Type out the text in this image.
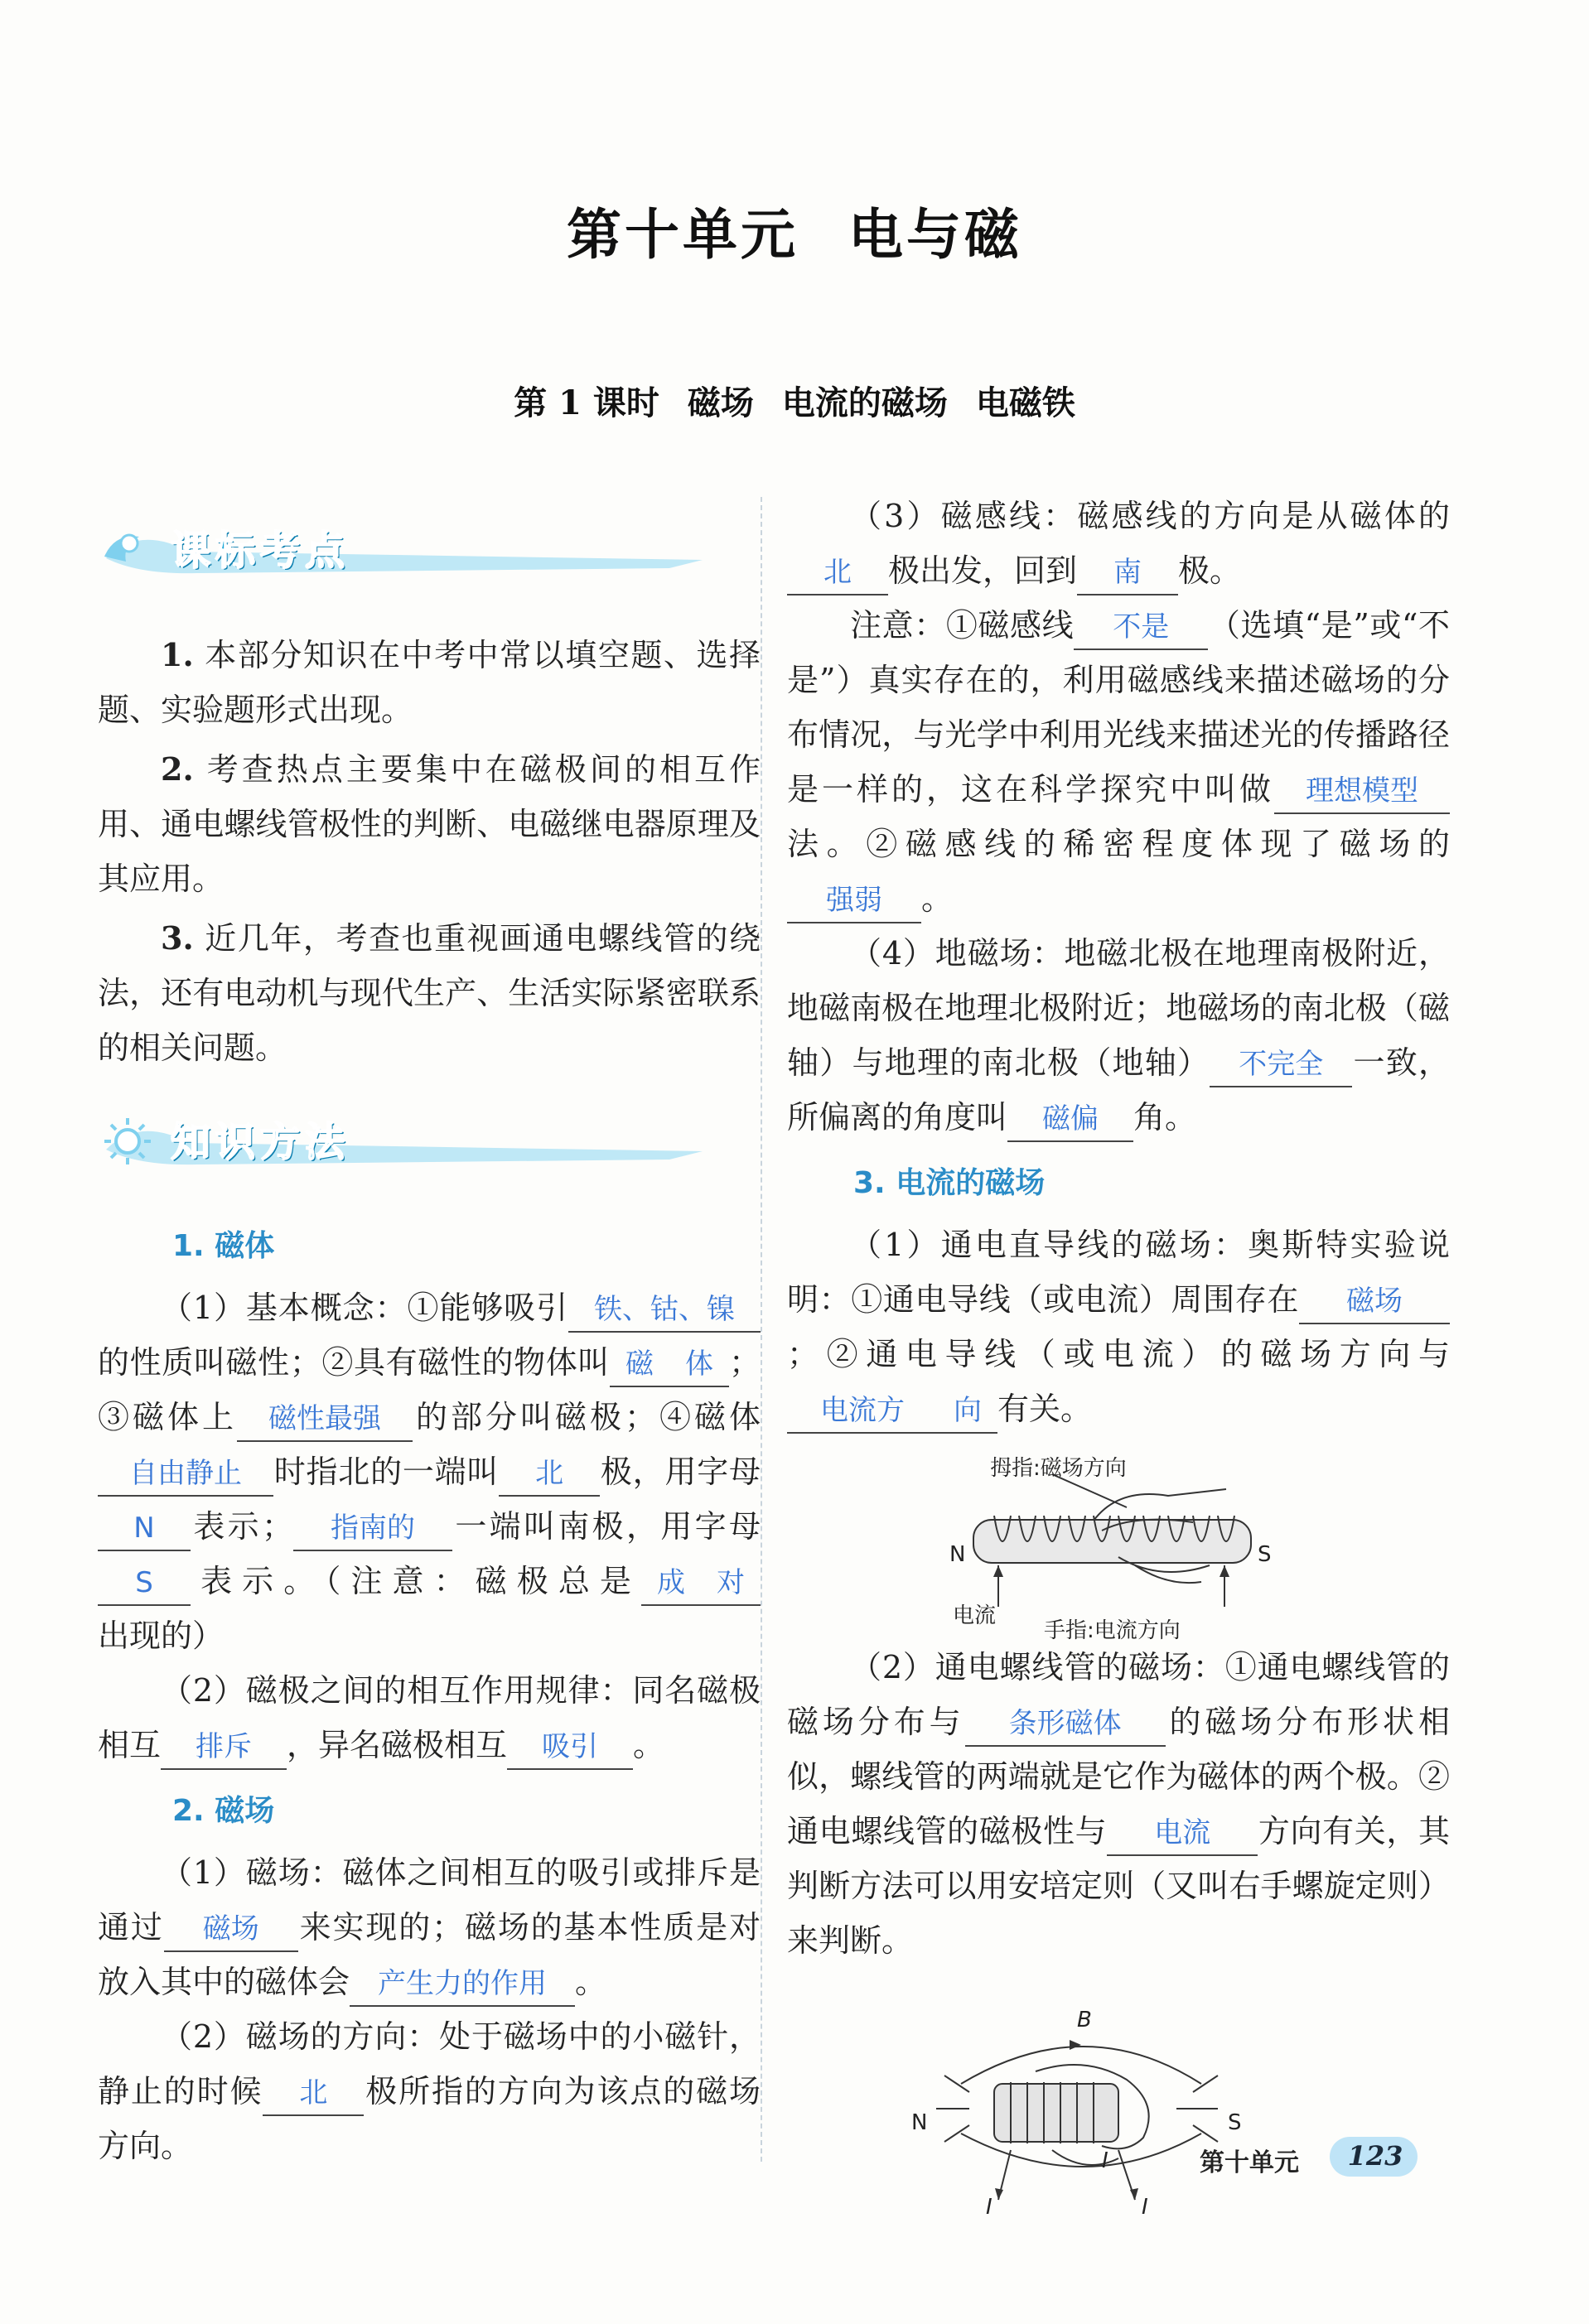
第十单元 电与磁
第 1 课时 磁场 电流的磁场 电磁铁
课标考点

1. 本部分知识在中考中常以填空题、选择题、实验题形式出现。

2. 考查热点主要集中在磁极间的相互作用、通电螺线管极性的判断、电磁继电器原理及其应用。

3. 近几年，考查也重视画通电螺线管的绕法，还有电动机与现代生产、生活实际紧密联系的相关问题。

知识方法
1. 磁体

（1）基本概念：①能够吸引 铁、钴、镍的性质叫磁性；②具有磁性的物体叫 磁 体 ；③磁体上 磁性最强 的部分叫磁极；④磁体自由静止 时指北的一端叫 北 极，用字母N 表示； 指南的 一端叫南极，用字母S 表示。（注意：磁极总是 成 对出现的）

（2）磁极之间的相互作用规律：同名磁极相互 排斥 ，异名磁极相互 吸引 。

2. 磁场

（1）磁场：磁体之间相互的吸引或排斥是通过 磁场 来实现的；磁场的基本性质是对放入其中的磁体会 产生力的作用 。

（2）磁场的方向：处于磁场中的小磁针，静止的时候 北 极所指的方向为该点的磁场方向。

（3）磁感线：磁感线的方向是从磁体的北 极出发，回到 南 极。

注意：①磁感线 不是 （选填“是”或“不是”）真实存在的，利用磁感线来描述磁场的分布情况，与光学中利用光线来描述光的传播路径是一样的，这在科学探究中叫做 理想模型法。②磁感线的稀密程度体现了磁场的强弱 。

（4）地磁场：地磁北极在地理南极附近，地磁南极在地理北极附近；地磁场的南北极（磁轴）与地理的南北极（地轴） 不完全 一致，所偏离的角度叫 磁偏 角。

3. 电流的磁场

（1）通电直导线的磁场：奥斯特实验说明：①通电导线（或电流）周围存在 磁场；②通电导线（或电流）的磁场方向与电流方 向 有关。

拇指:磁场方向
N	S
电流
手指:电流方向

（2）通电螺线管的磁场：①通电螺线管的磁场分布与 条形磁体 的磁场分布形状相似，螺线管的两端就是它作为磁体的两个极。②通电螺线管的磁极性与 电流 方向有关，其判断方法可以用安培定则（又叫右手螺旋定则）来判断。

B
N	S
I
I	I
第十单元	123
